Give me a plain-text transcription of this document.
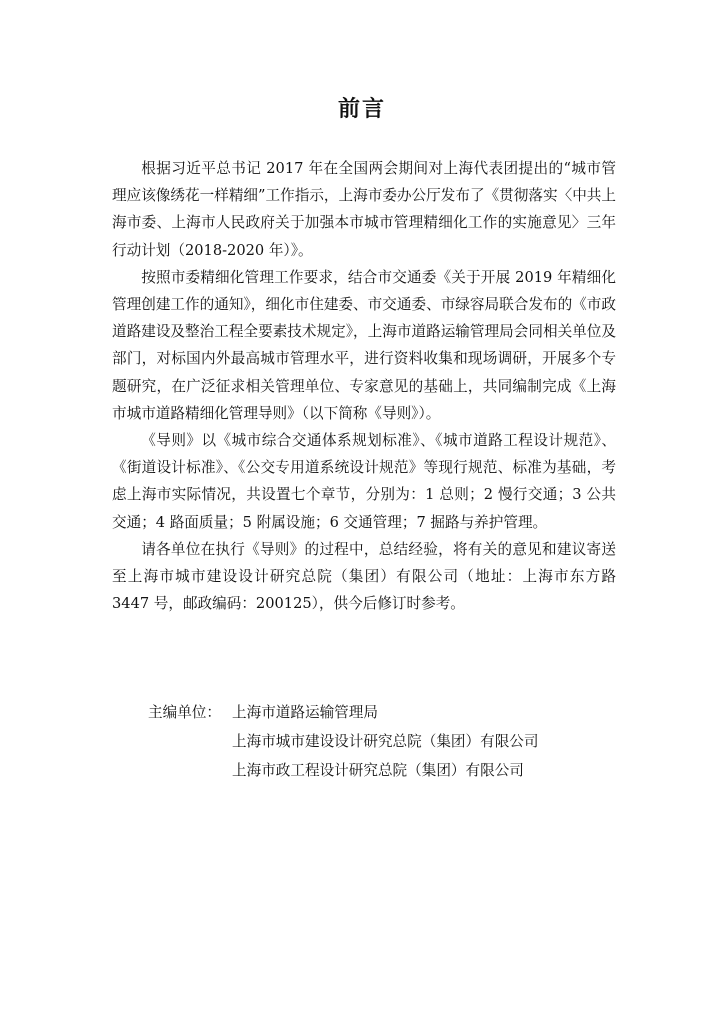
前言

根据习近平总书记 2017 年在全国两会期间对上海代表团提出的“城市管理应该像绣花一样精细”工作指示，上海市委办公厅发布了《贯彻落实〈中共上海市委、上海市人民政府关于加强本市城市管理精细化工作的实施意见〉三年行动计划（2018-2020 年）》。

按照市委精细化管理工作要求，结合市交通委《关于开展 2019 年精细化管理创建工作的通知》，细化市住建委、市交通委、市绿容局联合发布的《市政道路建设及整治工程全要素技术规定》，上海市道路运输管理局会同相关单位及部门，对标国内外最高城市管理水平，进行资料收集和现场调研，开展多个专题研究，在广泛征求相关管理单位、专家意见的基础上，共同编制完成《上海市城市道路精细化管理导则》（以下简称《导则》）。

《导则》以《城市综合交通体系规划标准》、《城市道路工程设计规范》、《街道设计标准》、《公交专用道系统设计规范》等现行规范、标准为基础，考虑上海市实际情况，共设置七个章节，分别为：1 总则；2 慢行交通；3 公共交通；4 路面质量；5 附属设施；6 交通管理；7 掘路与养护管理。

请各单位在执行《导则》的过程中，总结经验，将有关的意见和建议寄送至上海市城市建设设计研究总院（集团）有限公司（地址：上海市东方路 3447 号，邮政编码：200125），供今后修订时参考。

主编单位： 上海市道路运输管理局
上海市城市建设设计研究总院（集团）有限公司
上海市政工程设计研究总院（集团）有限公司
